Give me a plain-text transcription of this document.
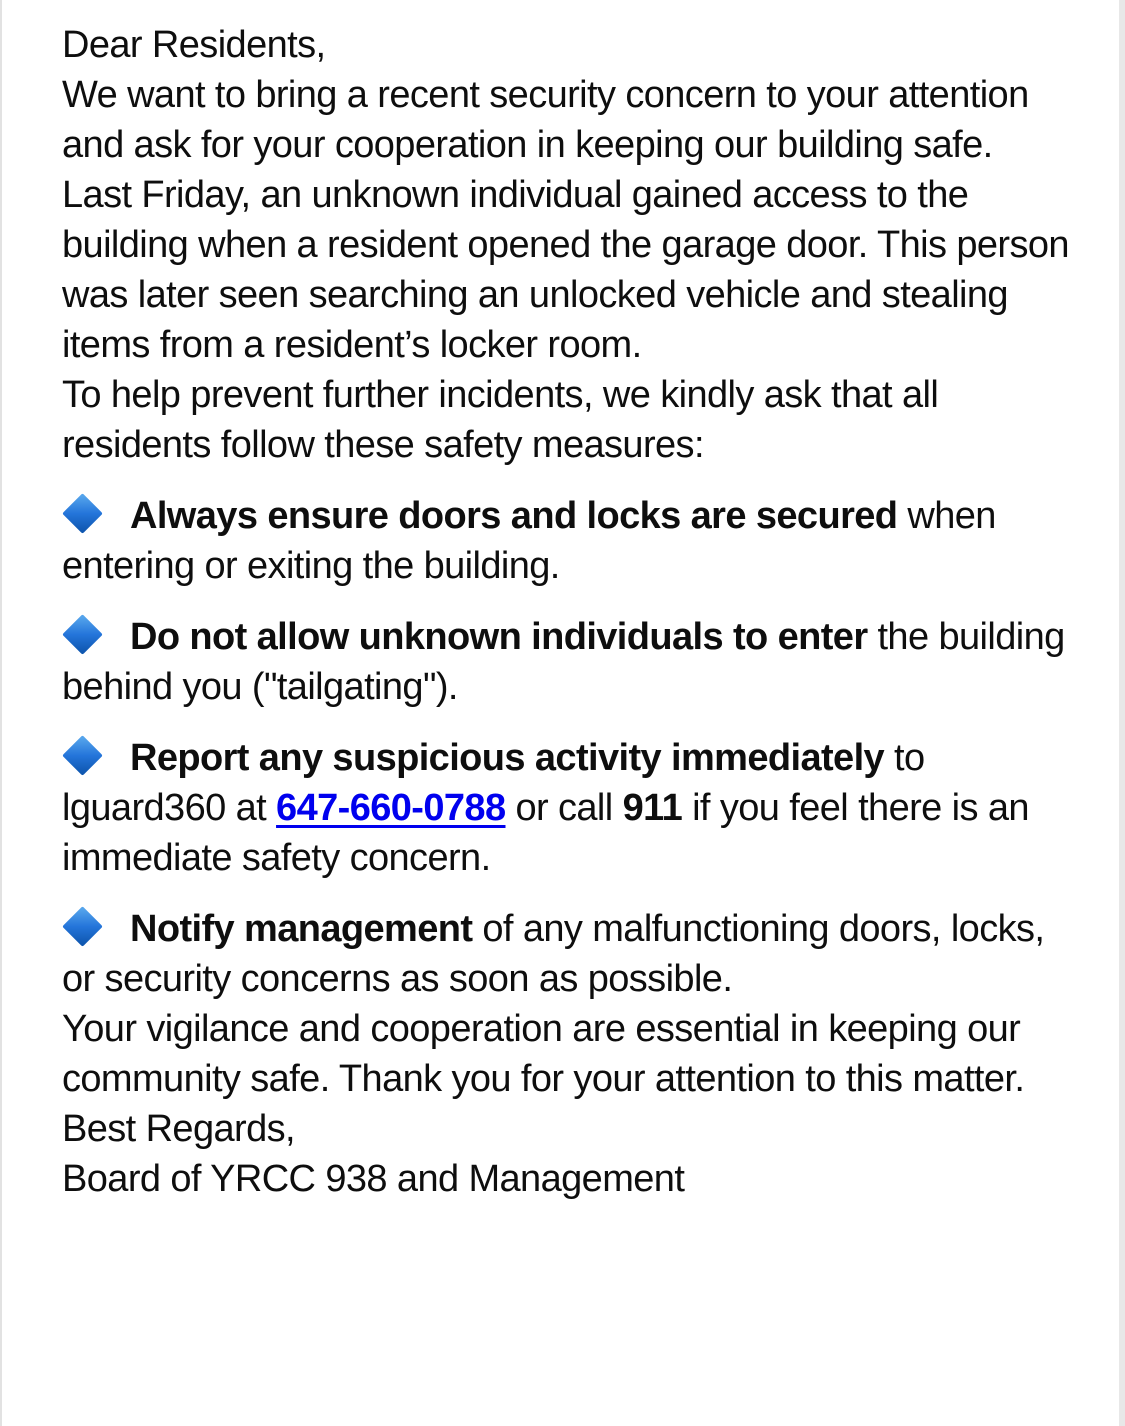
Dear Residents,

We want to bring a recent security concern to your attention and ask for your cooperation in keeping our building safe.

Last Friday, an unknown individual gained access to the building when a resident opened the garage door. This person was later seen searching an unlocked vehicle and stealing items from a resident’s locker room.

To help prevent further incidents, we kindly ask that all residents follow these safety measures:

Always ensure doors and locks are secured when entering or exiting the building.

Do not allow unknown individuals to enter the building behind you ("tailgating").

Report any suspicious activity immediately to lguard360 at 647-660-0788 or call 911 if you feel there is an immediate safety concern.

Notify management of any malfunctioning doors, locks, or security concerns as soon as possible.

Your vigilance and cooperation are essential in keeping our community safe. Thank you for your attention to this matter.

Best Regards,

Board of YRCC 938 and Management
